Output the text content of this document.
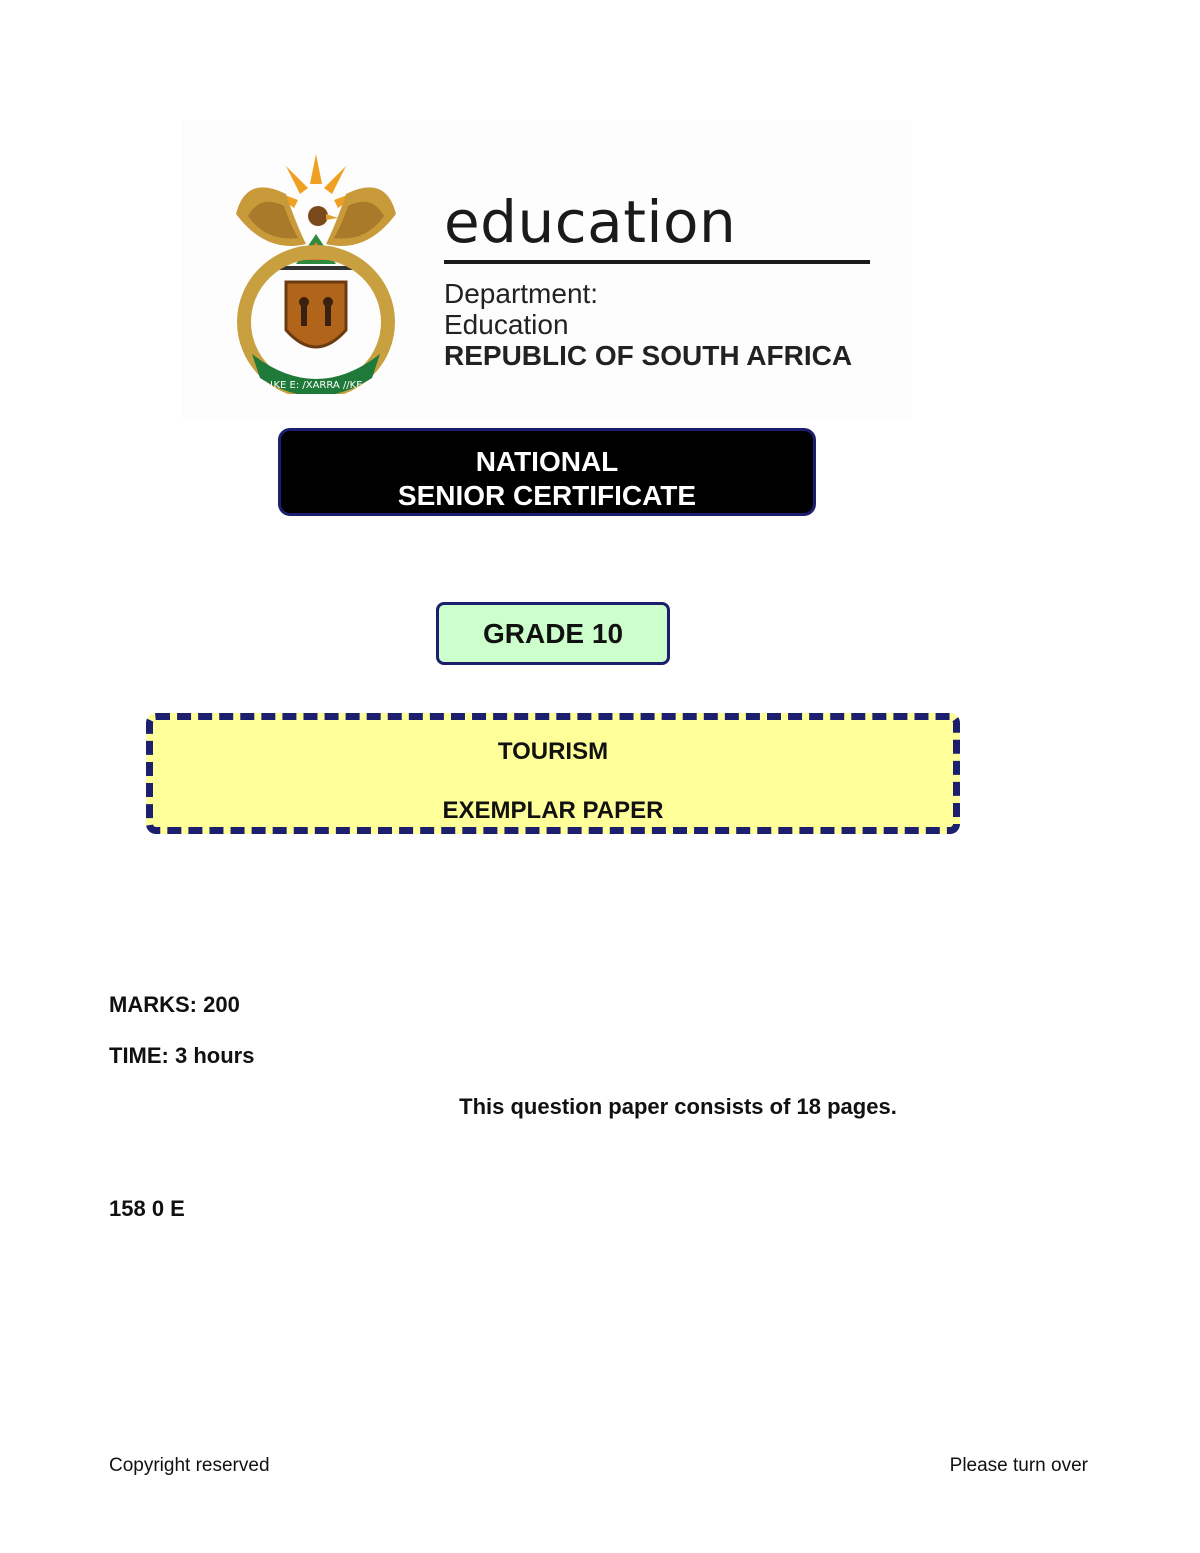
!KE E: /XARRA //KE
education
Department:
Education
REPUBLIC OF SOUTH AFRICA
NATIONAL
SENIOR CERTIFICATE
GRADE 10
TOURISM
EXEMPLAR PAPER
MARKS: 200
TIME: 3 hours
This question paper consists of 18 pages.
158 0 E
Copyright reserved	Please turn over
